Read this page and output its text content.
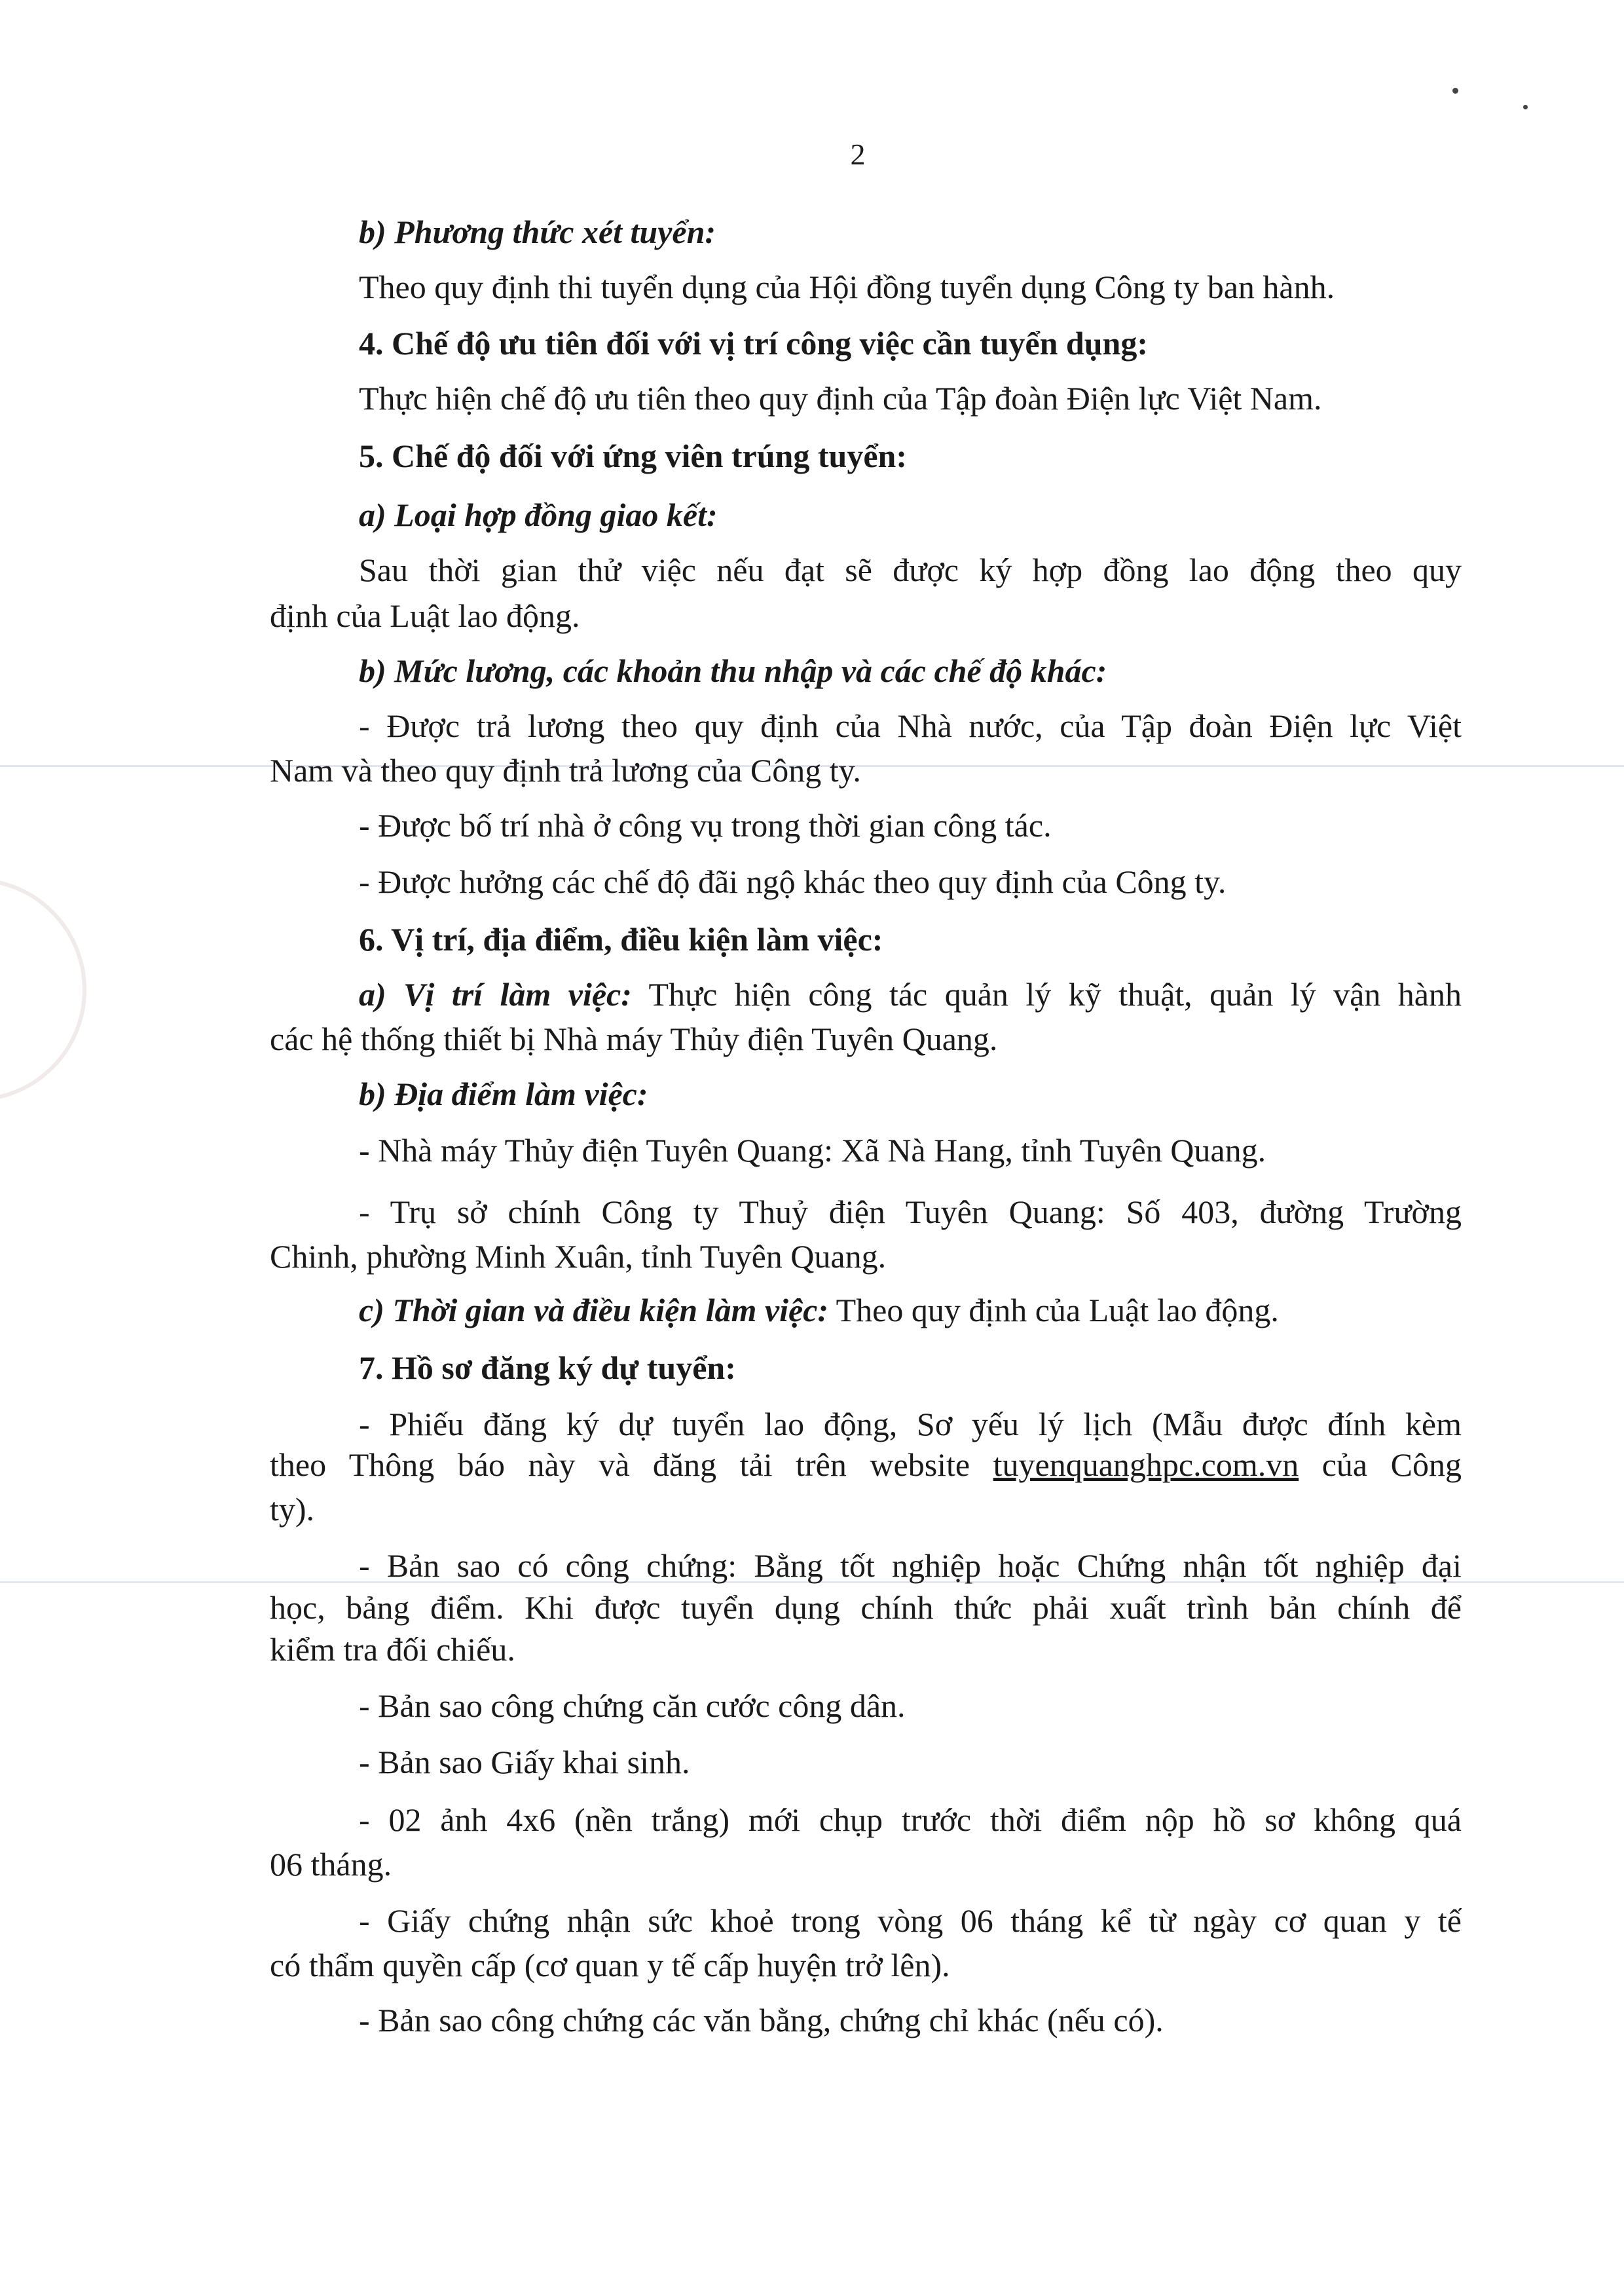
2

b) Phương thức xét tuyển:

Theo quy định thi tuyển dụng của Hội đồng tuyển dụng Công ty ban hành.

4. Chế độ ưu tiên đối với vị trí công việc cần tuyển dụng:

Thực hiện chế độ ưu tiên theo quy định của Tập đoàn Điện lực Việt Nam.

5. Chế độ đối với ứng viên trúng tuyển:

a) Loại hợp đồng giao kết:

Sau thời gian thử việc nếu đạt sẽ được ký hợp đồng lao động theo quy

định của Luật lao động.

b) Mức lương, các khoản thu nhập và các chế độ khác:

- Được trả lương theo quy định của Nhà nước, của Tập đoàn Điện lực Việt

Nam và theo quy định trả lương của Công ty.

- Được bố trí nhà ở công vụ trong thời gian công tác.

- Được hưởng các chế độ đãi ngộ khác theo quy định của Công ty.

6. Vị trí, địa điểm, điều kiện làm việc:

a) Vị trí làm việc: Thực hiện công tác quản lý kỹ thuật, quản lý vận hành

các hệ thống thiết bị Nhà máy Thủy điện Tuyên Quang.

b) Địa điểm làm việc:

- Nhà máy Thủy điện Tuyên Quang: Xã Nà Hang, tỉnh Tuyên Quang.

- Trụ sở chính Công ty Thuỷ điện Tuyên Quang: Số 403, đường Trường

Chinh, phường Minh Xuân, tỉnh Tuyên Quang.

c) Thời gian và điều kiện làm việc: Theo quy định của Luật lao động.

7. Hồ sơ đăng ký dự tuyển:

- Phiếu đăng ký dự tuyển lao động, Sơ yếu lý lịch (Mẫu được đính kèm

theo Thông báo này và đăng tải trên website tuyenquanghpc.com.vn của Công

ty).

- Bản sao có công chứng: Bằng tốt nghiệp hoặc Chứng nhận tốt nghiệp đại

học, bảng điểm. Khi được tuyển dụng chính thức phải xuất trình bản chính để

kiểm tra đối chiếu.

- Bản sao công chứng căn cước công dân.

- Bản sao Giấy khai sinh.

- 02 ảnh 4x6 (nền trắng) mới chụp trước thời điểm nộp hồ sơ không quá

06 tháng.

- Giấy chứng nhận sức khoẻ trong vòng 06 tháng kể từ ngày cơ quan y tế

có thẩm quyền cấp (cơ quan y tế cấp huyện trở lên).

- Bản sao công chứng các văn bằng, chứng chỉ khác (nếu có).
